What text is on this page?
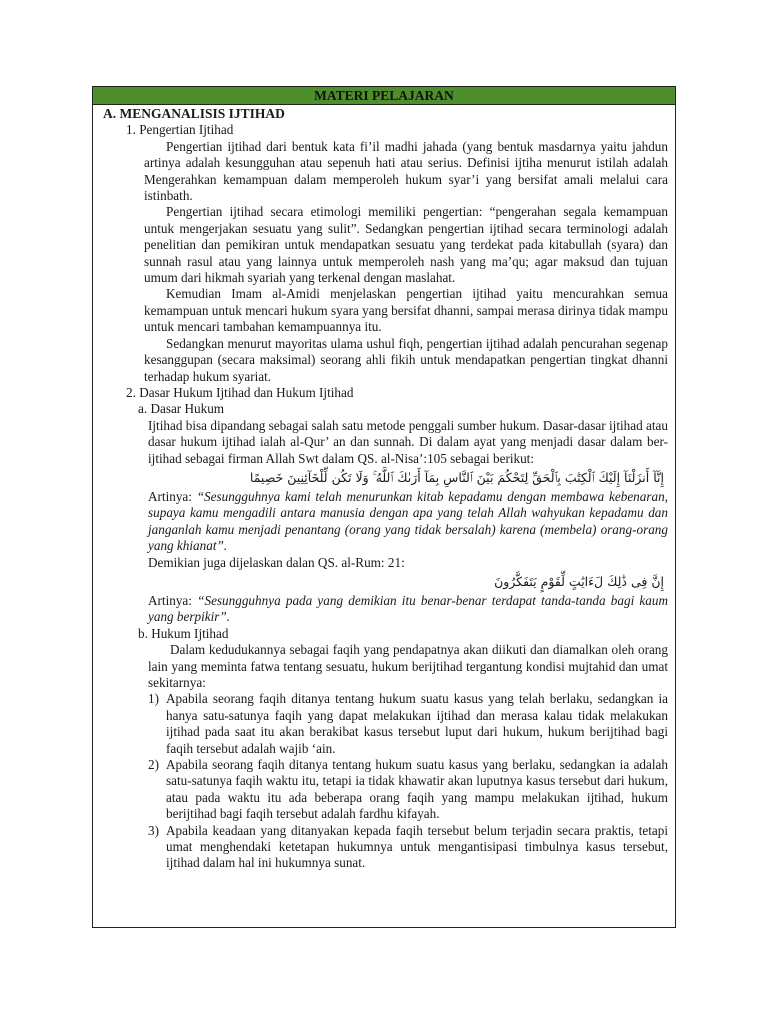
MATERI PELAJARAN
A. MENGANALISIS IJTIHAD
1. Pengertian Ijtihad

Pengertian ijtihad dari bentuk kata fi’il madhi jahada (yang bentuk masdarnya yaitu jahdun artinya adalah kesungguhan atau sepenuh hati atau serius. Definisi ijtiha menurut istilah adalah Mengerahkan kemampuan dalam memperoleh hukum syar’i yang bersifat amali melalui cara istinbath.

Pengertian ijtihad secara etimologi memiliki pengertian: “pengerahan segala kemampuan untuk mengerjakan sesuatu yang sulit”. Sedangkan pengertian ijtihad secara terminologi adalah penelitian dan pemikiran untuk mendapatkan sesuatu yang terdekat pada kitabullah (syara) dan sunnah rasul atau yang lainnya untuk memperoleh nash yang ma’qu; agar maksud dan tujuan umum dari hikmah syariah yang terkenal dengan maslahat.

Kemudian Imam al-Amidi menjelaskan pengertian ijtihad yaitu mencurahkan semua kemampuan untuk mencari hukum syara yang bersifat dhanni, sampai merasa dirinya tidak mampu untuk mencari tambahan kemampuannya itu.

Sedangkan menurut mayoritas ulama ushul fiqh, pengertian ijtihad adalah pencurahan segenap kesanggupan (secara maksimal) seorang ahli fikih untuk mendapatkan pengertian tingkat dhanni terhadap hukum syariat.

2. Dasar Hukum Ijtihad dan Hukum Ijtihad
a. Dasar Hukum

Ijtihad bisa dipandang sebagai salah satu metode penggali sumber hukum. Dasar-dasar ijtihad atau dasar hukum ijtihad ialah al-Qur’ an dan sunnah. Di dalam ayat yang menjadi dasar dalam ber-ijtihad sebagai firman Allah Swt dalam QS. al-Nisa’:105 sebagai berikut:

إِنَّآ أَنزَلْنَآ إِلَيْكَ ٱلْكِتَٰبَ بِٱلْحَقِّ لِتَحْكُمَ بَيْنَ ٱلنَّاسِ بِمَآ أَرَىٰكَ ٱللَّهُ ۚ وَلَا تَكُن لِّلْخَآئِنِينَ خَصِيمًا

Artinya: “Sesungguhnya kami telah menurunkan kitab kepadamu dengan membawa kebenaran, supaya kamu mengadili antara manusia dengan apa yang telah Allah wahyukan kepadamu dan janganlah kamu menjadi penantang (orang yang tidak bersalah) karena (membela) orang-orang yang khianat”.

Demikian juga dijelaskan dalan QS. al-Rum: 21:

إِنَّ فِى ذَٰلِكَ لَءَايَٰتٍ لِّقَوْمٍ يَتَفَكَّرُونَ

Artinya: “Sesungguhnya pada yang demikian itu benar-benar terdapat tanda-tanda bagi kaum yang berpikir”.

b. Hukum Ijtihad

Dalam kedudukannya sebagai faqih yang pendapatnya akan diikuti dan diamalkan oleh orang lain yang meminta fatwa tentang sesuatu, hukum berijtihad tergantung kondisi mujtahid dan umat sekitarnya:

1) Apabila seorang faqih ditanya tentang hukum suatu kasus yang telah berlaku, sedangkan ia hanya satu-satunya faqih yang dapat melakukan ijtihad dan merasa kalau tidak melakukan ijtihad pada saat itu akan berakibat kasus tersebut luput dari hukum, hukum berijtihad bagi faqih tersebut adalah wajib ‘ain.
2) Apabila seorang faqih ditanya tentang hukum suatu kasus yang berlaku, sedangkan ia adalah satu-satunya faqih waktu itu, tetapi ia tidak khawatir akan luputnya kasus tersebut dari hukum, atau pada waktu itu ada beberapa orang faqih yang mampu melakukan ijtihad, hukum berijtihad bagi faqih tersebut adalah fardhu kifayah.
3) Apabila keadaan yang ditanyakan kepada faqih tersebut belum terjadin secara praktis, tetapi umat menghendaki ketetapan hukumnya untuk mengantisipasi timbulnya kasus tersebut, ijtihad dalam hal ini hukumnya sunat.
